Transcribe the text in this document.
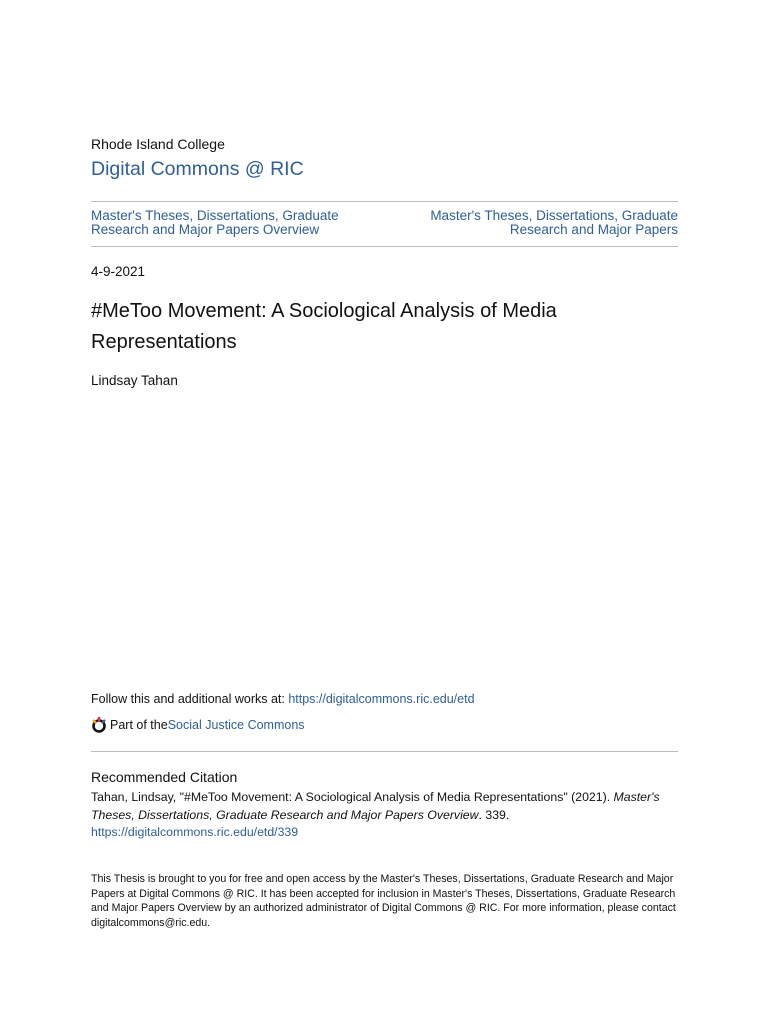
Rhode Island College
Digital Commons @ RIC
Master's Theses, Dissertations, Graduate Research and Major Papers Overview
Master's Theses, Dissertations, Graduate Research and Major Papers
4-9-2021
#MeToo Movement: A Sociological Analysis of Media Representations
Lindsay Tahan
Follow this and additional works at: https://digitalcommons.ric.edu/etd
Part of the Social Justice Commons
Recommended Citation
Tahan, Lindsay, "#MeToo Movement: A Sociological Analysis of Media Representations" (2021). Master's Theses, Dissertations, Graduate Research and Major Papers Overview. 339.
https://digitalcommons.ric.edu/etd/339
This Thesis is brought to you for free and open access by the Master's Theses, Dissertations, Graduate Research and Major Papers at Digital Commons @ RIC. It has been accepted for inclusion in Master's Theses, Dissertations, Graduate Research and Major Papers Overview by an authorized administrator of Digital Commons @ RIC. For more information, please contact digitalcommons@ric.edu.
